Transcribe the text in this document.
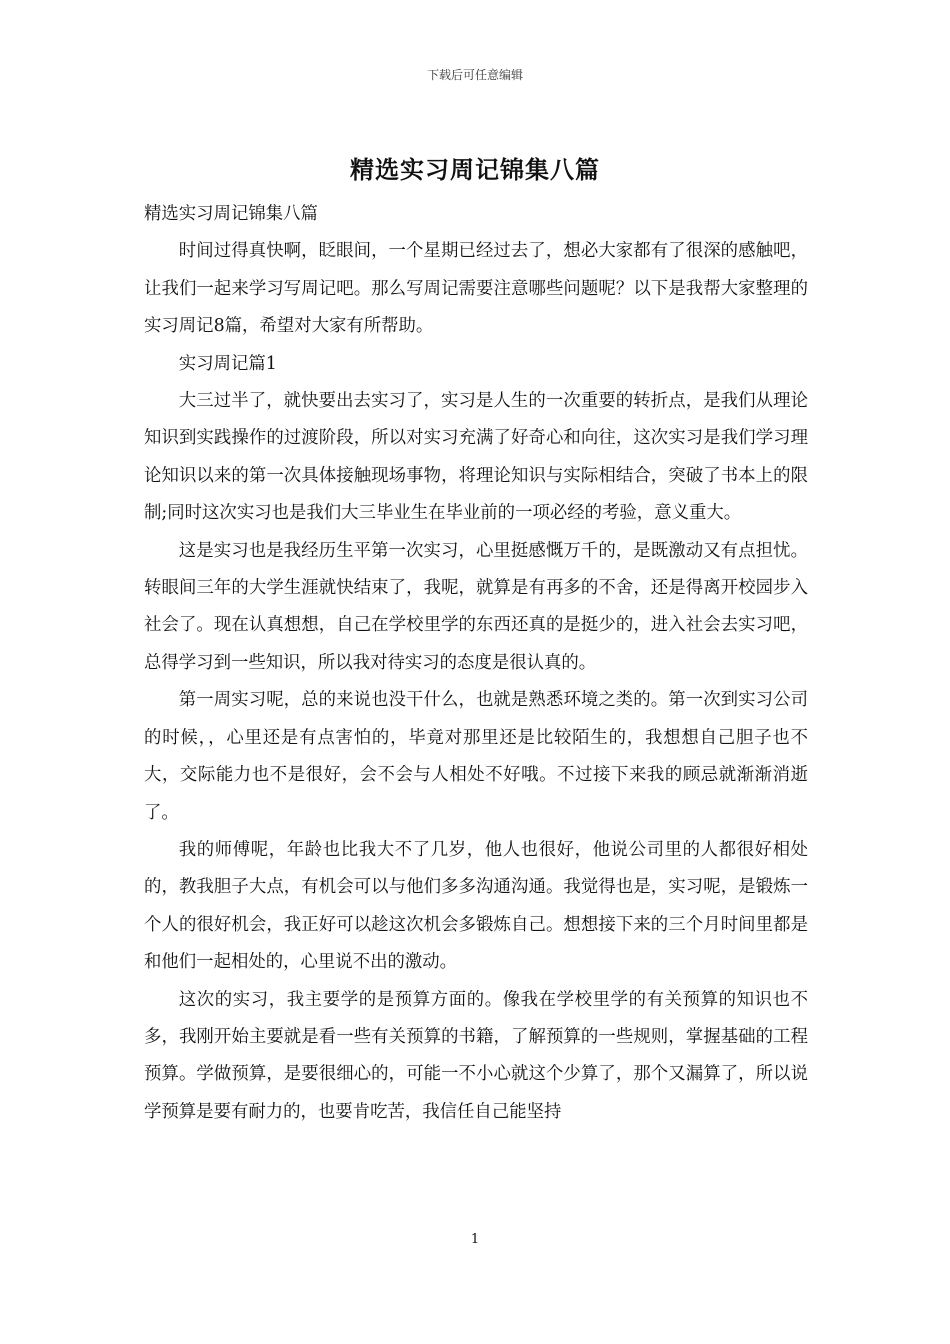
下载后可任意编辑
精选实习周记锦集八篇

精选实习周记锦集八篇

时间过得真快啊，眨眼间，一个星期已经过去了，想必大家都有了很深的感触吧，让我们一起来学习写周记吧。那么写周记需要注意哪些问题呢？以下是我帮大家整理的实习周记8篇，希望对大家有所帮助。

实习周记篇1

大三过半了，就快要出去实习了，实习是人生的一次重要的转折点，是我们从理论知识到实践操作的过渡阶段，所以对实习充满了好奇心和向往，这次实习是我们学习理论知识以来的第一次具体接触现场事物，将理论知识与实际相结合，突破了书本上的限制;同时这次实习也是我们大三毕业生在毕业前的一项必经的考验，意义重大。

这是实习也是我经历生平第一次实习，心里挺感慨万千的，是既激动又有点担忧。转眼间三年的大学生涯就快结束了，我呢，就算是有再多的不舍，还是得离开校园步入社会了。现在认真想想，自己在学校里学的东西还真的是挺少的，进入社会去实习吧，总得学习到一些知识，所以我对待实习的态度是很认真的。

第一周实习呢，总的来说也没干什么，也就是熟悉环境之类的。第一次到实习公司的时候，，心里还是有点害怕的，毕竟对那里还是比较陌生的，我想想自己胆子也不大，交际能力也不是很好，会不会与人相处不好哦。不过接下来我的顾忌就渐渐消逝了。

我的师傅呢，年龄也比我大不了几岁，他人也很好，他说公司里的人都很好相处的，教我胆子大点，有机会可以与他们多多沟通沟通。我觉得也是，实习呢，是锻炼一个人的很好机会，我正好可以趁这次机会多锻炼自己。想想接下来的三个月时间里都是和他们一起相处的，心里说不出的激动。

这次的实习，我主要学的是预算方面的。像我在学校里学的有关预算的知识也不多，我刚开始主要就是看一些有关预算的书籍，了解预算的一些规则，掌握基础的工程预算。学做预算，是要很细心的，可能一不小心就这个少算了，那个又漏算了，所以说学预算是要有耐力的，也要肯吃苦，我信任自己能坚持

1
